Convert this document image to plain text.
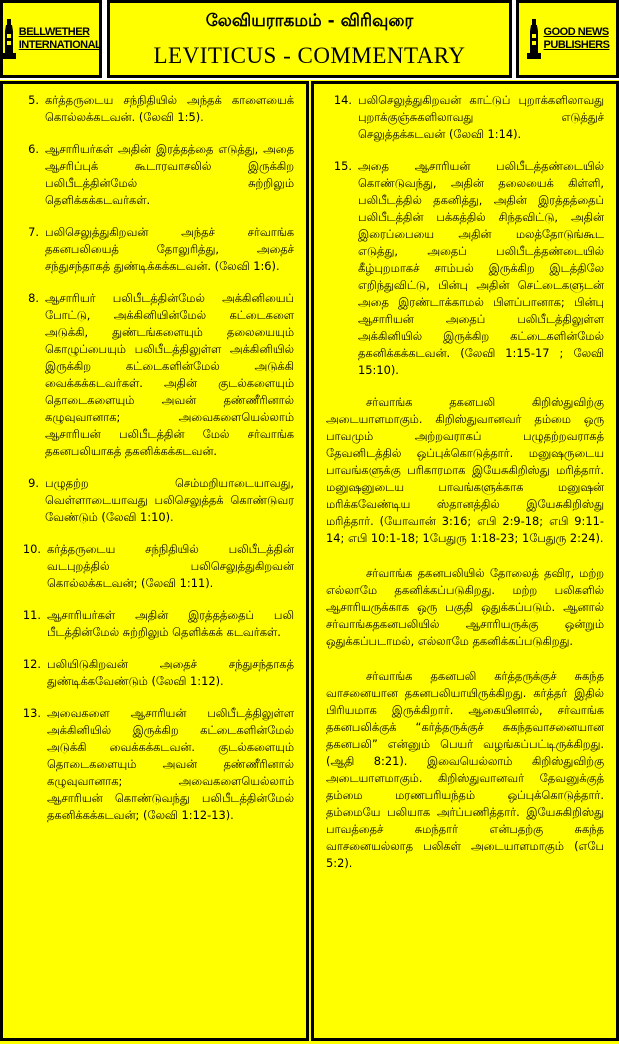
BELLWETHER
INTERNATIONAL
லேவியராகமம் - விரிவுரை
LEVITICUS - COMMENTARY
GOOD NEWS
PUBLISHERS
5. கர்த்தருடைய சந்நிதியில் அந்தக் காளையைக் கொல்லக்கடவன். (லேவி 1:5).
6. ஆசாரியர்கள் அதின் இரத்தத்தை எடுத்து, அதை ஆசரிப்புக் கூடாரவாசலில் இருக்கிற பலிபீடத்தின்மேல் சுற்றிலும் தெளிக்கக்கடவர்கள்.
7. பலிசெலுத்துகிறவன் அந்தச் சர்வாங்க தகனபலியைத் தோலுரித்து, அதைச் சந்துசந்தாகத் துண்டிக்கக்கடவன். (லேவி 1:6).
8. ஆசாரியர் பலிபீடத்தின்மேல் அக்கினியைப் போட்டு, அக்கினியின்மேல் கட்டைகளை அடுக்கி, துண்டங்களையும் தலையையும் கொழுப்பையும் பலிபீடத்திலுள்ள அக்கினியில் இருக்கிற கட்டைகளின்மேல் அடுக்கி வைக்கக்கடவர்கள். அதின் குடல்களையும் தொடைகளையும் அவன் தண்ணீரினால் கழுவுவானாக; அவைகளையெல்லாம் ஆசாரியன் பலிபீடத்தின் மேல் சர்வாங்க தகனபலியாகத் தகனிக்கக்கடவன்.
9. பழுதற்ற செம்மறியாடையாவது, வெள்ளாடையாவது பலிசெலுத்தக் கொண்டுவர வேண்டும் (லேவி 1:10).
10. கர்த்தருடைய சந்நிதியில் பலிபீடத்தின் வடபுறத்தில் பலிசெலுத்துகிறவன் கொல்லக்கடவன்; (லேவி 1:11).
11. ஆசாரியர்கள் அதின் இரத்தத்தைப் பலி பீடத்தின்மேல் சுற்றிலும் தெளிக்கக் கடவர்கள்.
12. பலியிடுகிறவன் அதைச் சந்துசந்தாகத் துண்டிக்கவேண்டும் (லேவி 1:12).
13. அவைகளை ஆசாரியன் பலிபீடத்திலுள்ள அக்கினியில் இருக்கிற கட்டைகளின்மேல் அடுக்கி வைக்கக்கடவன். குடல்களையும் தொடைகளையும் அவன் தண்ணீரினால் கழுவுவானாக; அவைகளையெல்லாம் ஆசாரியன் கொண்டுவந்து பலிபீடத்தின்மேல் தகனிக்கக்கடவன்; (லேவி 1:12-13).
14. பலிசெலுத்துகிறவன் காட்டுப் புறாக்களிலாவது புறாக்குஞ்சுகளிலாவது எடுத்துச் செலுத்தக்கடவன் (லேவி 1:14).
15. அதை ஆசாரியன் பலிபீடத்தண்டையில் கொண்டுவந்து, அதின் தலையைக் கிள்ளி, பலிபீடத்தில் தகனித்து, அதின் இரத்தத்தைப் பலிபீடத்தின் பக்கத்தில் சிந்தவிட்டு, அதின் இரைப்பையை அதின் மலத்தோடுங்கூட எடுத்து, அதைப் பலிபீடத்தண்டையில் கீழ்புறமாகச் சாம்பல் இருக்கிற இடத்திலே எறிந்துவிட்டு, பின்பு அதின் செட்டைகளுடன் அதை இரண்டாக்காமல் பிளப்பானாக; பின்பு ஆசாரியன் அதைப் பலிபீடத்திலுள்ள அக்கினியில் இருக்கிற கட்டைகளின்மேல் தகனிக்கக்கடவன். (லேவி 1:15-17 ; லேவி 15:10).

சர்வாங்க தகனபலி கிறிஸ்துவிற்கு அடையாளமாகும். கிறிஸ்துவானவர் தம்மை ஒரு பாவமும் அற்றவராகப் பழுதற்றவராகத் தேவனிடத்தில் ஒப்புக்கொடுத்தார். மனுஷருடைய பாவங்களுக்கு பரிகாரமாக இயேசுகிறிஸ்து மரித்தார். மனுஷனுடைய பாவங்களுக்காக மனுஷன் மரிக்கவேண்டிய ஸ்தானத்தில் இயேசுகிறிஸ்து மரித்தார். (யோவான் 3:16; எபி 2:9-18; எபி 9:11-14; எபி 10:1-18; 1பேதுரு 1:18-23; 1பேதுரு 2:24).

சர்வாங்க தகனபலியில் தோலைத் தவிர, மற்ற எல்லாமே தகனிக்கப்படுகிறது. மற்ற பலிகளில் ஆசாரியருக்காக ஒரு பகுதி ஒதுக்கப்படும். ஆனால் சர்வாங்கதகனபலியில் ஆசாரியருக்கு ஒன்றும் ஒதுக்கப்படாமல், எல்லாமே தகனிக்கப்படுகிறது.

சர்வாங்க தகனபலி கர்த்தருக்குச் சுகந்த வாசனையான தகனபலியாயிருக்கிறது. கர்த்தர் இதில் பிரியமாக இருக்கிறார். ஆகையினால், சர்வாங்க தகனபலிக்குக் “கர்த்தருக்குச் சுகந்தவாசனையான தகனபலி” என்னும் பெயர் வழங்கப்பட்டிருக்கிறது. (ஆதி 8:21). இவையெல்லாம் கிறிஸ்துவிற்கு அடையாளமாகும். கிறிஸ்துவானவர் தேவனுக்குத் தம்மை மரணபரியந்தம் ஒப்புக்கொடுத்தார். தம்மையே பலியாக அர்ப்பணித்தார். இயேசுகிறிஸ்து பாவத்தைச் சுமந்தார் என்பதற்கு சுகந்த வாசனையல்லாத பலிகள் அடையாளமாகும் (எபே 5:2).
